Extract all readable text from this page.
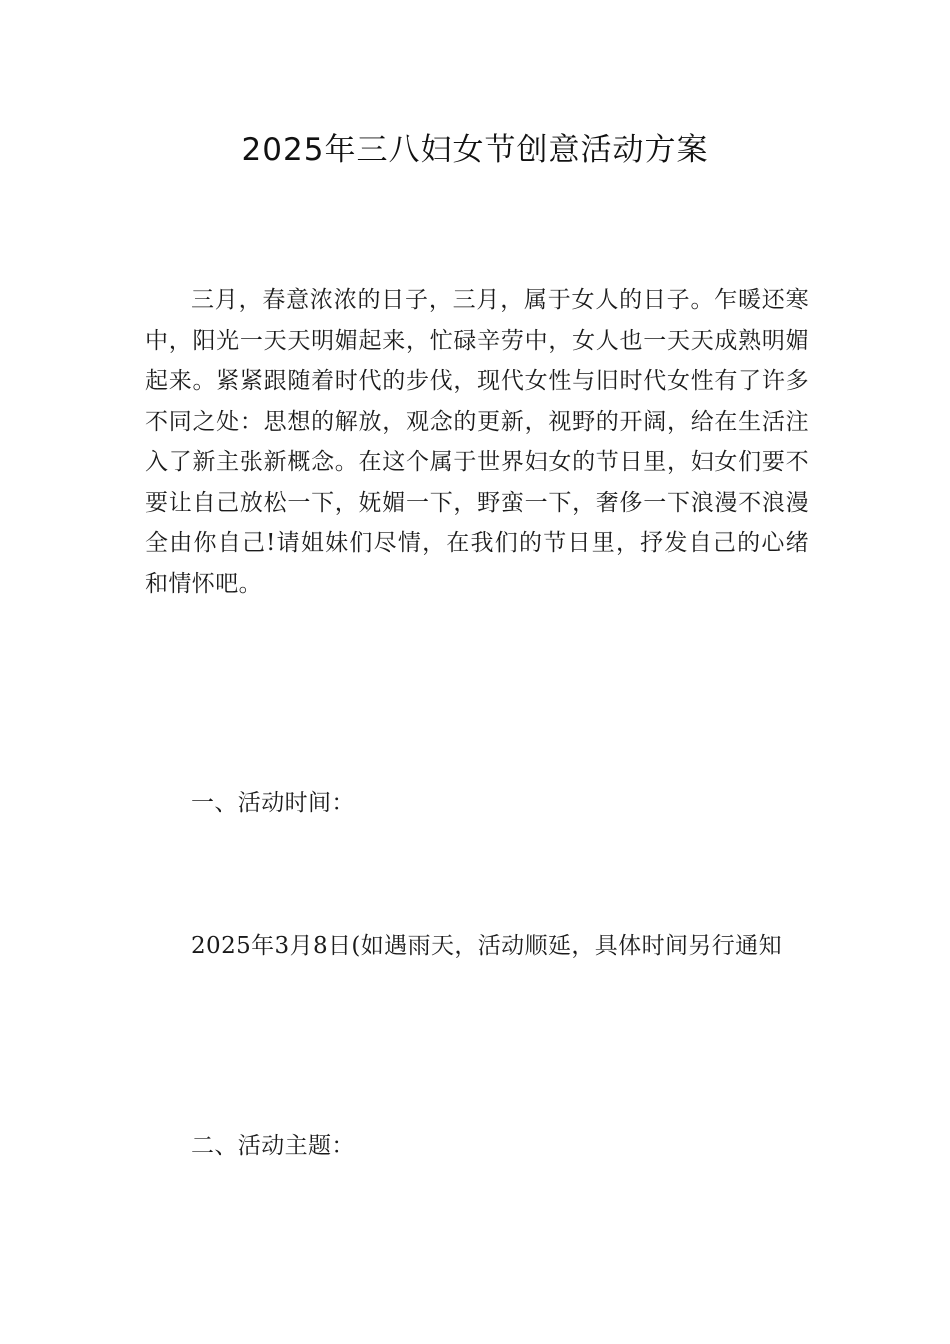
2025年三八妇女节创意活动方案

三月，春意浓浓的日子，三月，属于女人的日子。乍暖还寒中，阳光一天天明媚起来，忙碌辛劳中，女人也一天天成熟明媚起来。紧紧跟随着时代的步伐，现代女性与旧时代女性有了许多不同之处：思想的解放，观念的更新，视野的开阔，给在生活注入了新主张新概念。在这个属于世界妇女的节日里，妇女们要不要让自己放松一下，妩媚一下，野蛮一下，奢侈一下浪漫不浪漫全由你自己!请姐妹们尽情，在我们的节日里，抒发自己的心绪和情怀吧。

一、活动时间：

2025年3月8日(如遇雨天，活动顺延，具体时间另行通知

二、活动主题：
